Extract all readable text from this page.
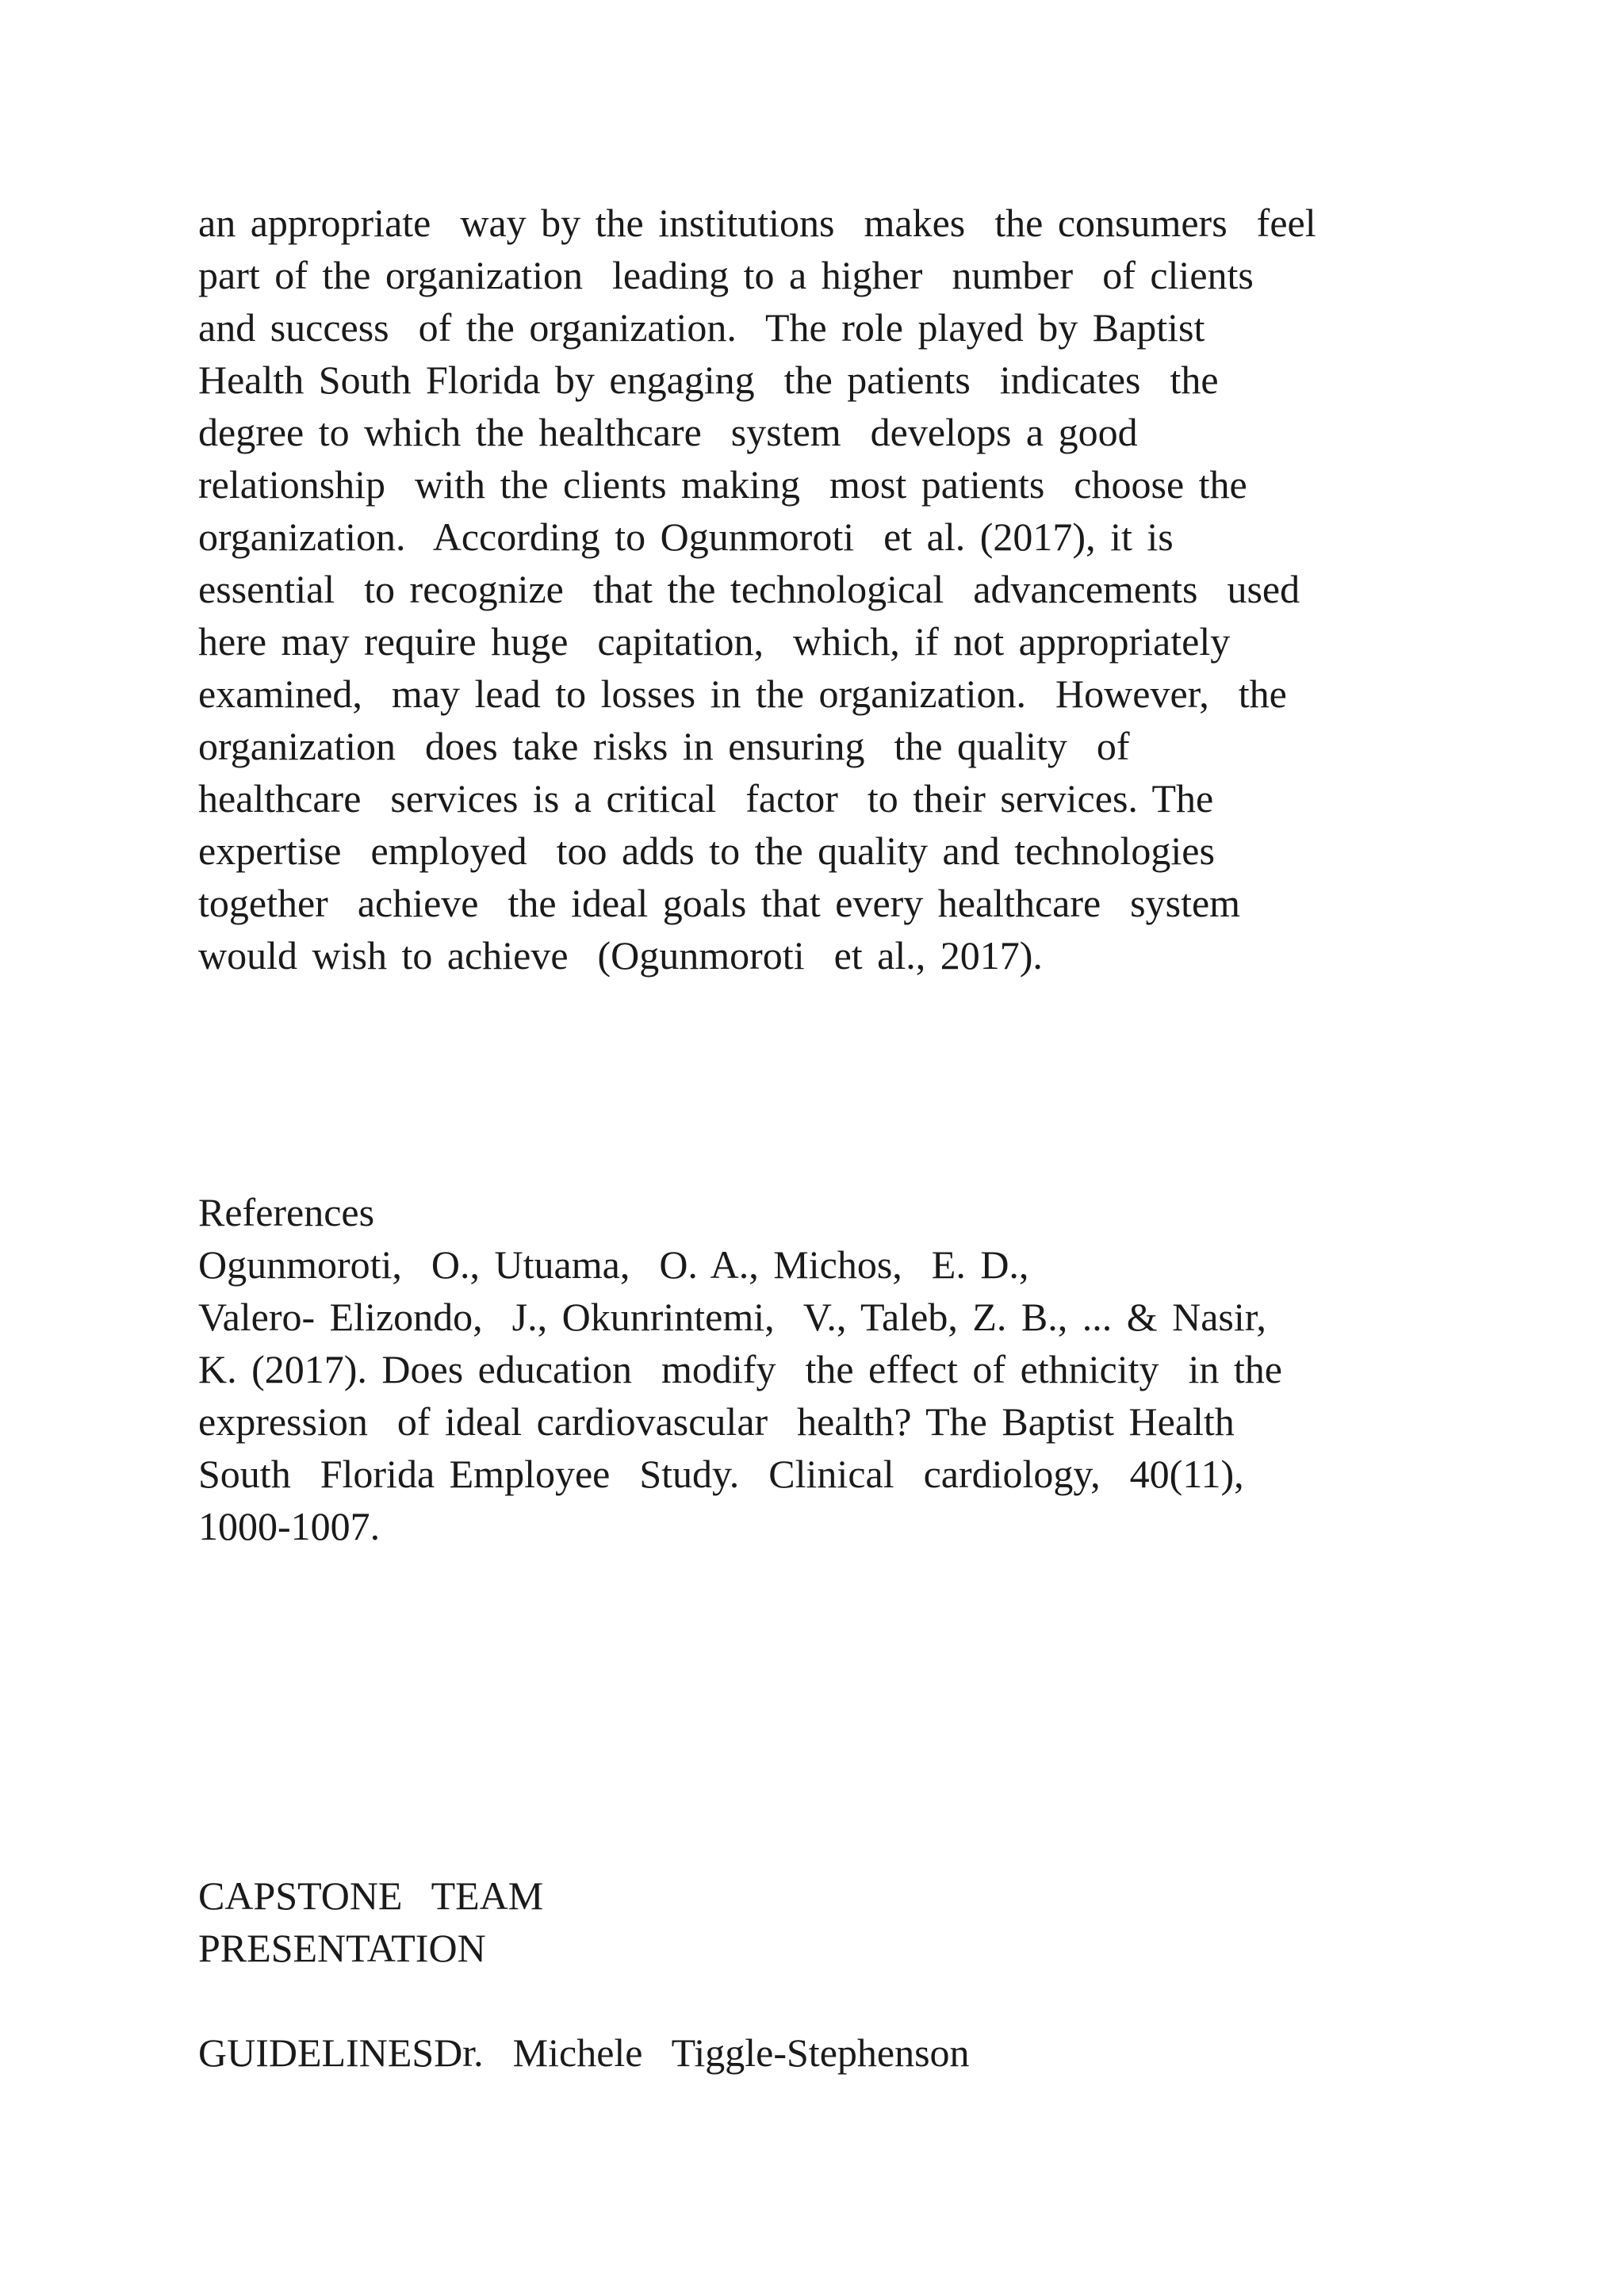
an appropriate  way by the institutions  makes  the consumers  feel
part of the organization  leading to a higher  number  of clients
and success  of the organization.  The role played by Baptist
Health South Florida by engaging  the patients  indicates  the
degree to which the healthcare  system  develops a good
relationship  with the clients making  most patients  choose the
organization.  According to Ogunmoroti  et al. (2017), it is
essential  to recognize  that the technological  advancements  used
here may require huge  capitation,  which, if not appropriately
examined,  may lead to losses in the organization.  However,  the
organization  does take risks in ensuring  the quality  of
healthcare  services is a critical  factor  to their services. The
expertise  employed  too adds to the quality and technologies
together  achieve  the ideal goals that every healthcare  system
would wish to achieve  (Ogunmoroti  et al., 2017).
References
Ogunmoroti,  O., Utuama,  O. A., Michos,  E. D.,
Valero- Elizondo,  J., Okunrintemi,  V., Taleb, Z. B., ... & Nasir,
K. (2017). Does education  modify  the effect of ethnicity  in the
expression  of ideal cardiovascular  health? The Baptist Health
South  Florida Employee  Study.  Clinical  cardiology,  40(11),
1000-1007.
CAPSTONE  TEAM
PRESENTATION
GUIDELINESDr.  Michele  Tiggle-Stephenson
